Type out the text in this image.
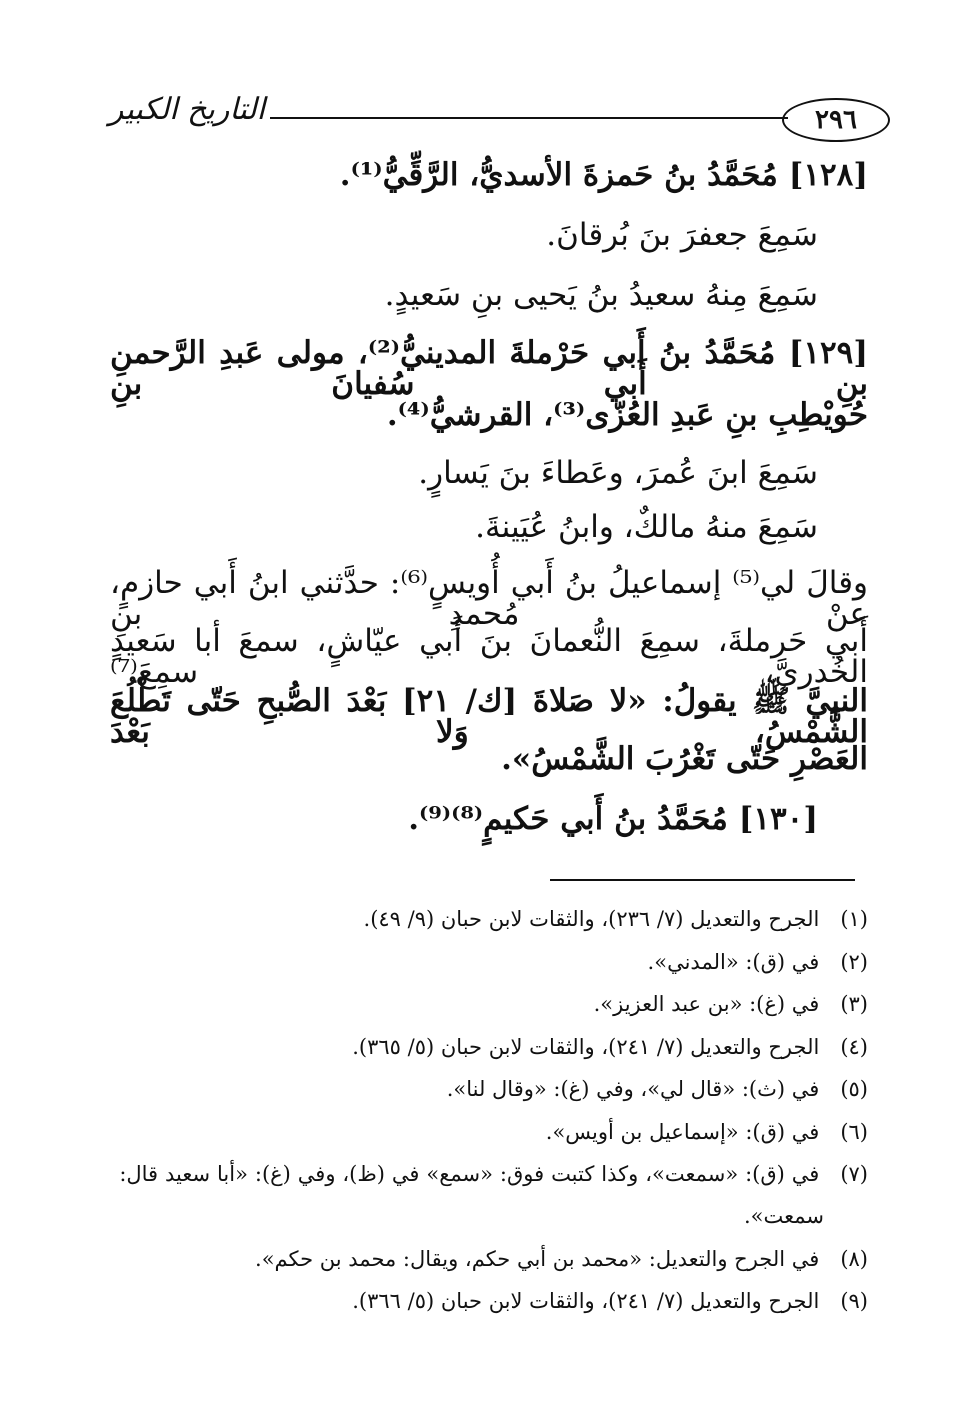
٢٩٦
التاريخ الكبير
[١٢٨] مُحَمَّدُ بنُ حَمزةَ الأسديُّ، الرَّقِّيُّ⁽¹⁾.
سَمِعَ جعفرَ بنَ بُرقانَ.
سَمِعَ مِنهُ سعيدُ بنُ يَحيى بنِ سَعيدٍ.
[١٢٩] مُحَمَّدُ بنُ أَبي حَرْملةَ المدينيُّ⁽²⁾، مولى عَبدِ الرَّحمنِ بنِ أَبي سُفيانَ بنِ
حُويْطِبِ بنِ عَبدِ العُزّى⁽³⁾، القرشيُّ⁽⁴⁾.
سَمِعَ ابنَ عُمرَ، وعَطاءَ بنَ يَسارٍ.
سَمِعَ منهُ مالكٌ، وابنُ عُيَينةَ.
وقالَ لي⁽⁵⁾ إسماعيلُ بنُ أَبي أُويسٍ⁽⁶⁾: حدَّثني ابنُ أَبي حازمٍ، عنْ مُحمدِ بنِ
أَبي حَرملةَ، سمِعَ النُّعمانَ بنَ أَبي عيّاشٍ، سمعَ أبا سَعيدٍ الخُدريَّ، سمِعَ⁽⁷⁾
النبيَّ ﷺ يقولُ: «لا صَلاةَ [ك/ ٢١] بَعْدَ الصُّبحِ حَتّى تَطْلُعَ الشَّمْسُ، وَلا بَعْدَ
العَصْرِ حَتّى تَغْرُبَ الشَّمْسُ».
[١٣٠] مُحَمَّدُ بنُ أَبي حَكيمٍ⁽⁸⁾⁽⁹⁾.
(١) الجرح والتعديل (٧/ ٢٣٦)، والثقات لابن حبان (٩/ ٤٩).
(٢) في (ق): «المدني».
(٣) في (غ): «بن عبد العزيز».
(٤) الجرح والتعديل (٧/ ٢٤١)، والثقات لابن حبان (٥/ ٣٦٥).
(٥) في (ث): «قال لي»، وفي (غ): «وقال لنا».
(٦) في (ق): «إسماعيل بن أويس».
(٧) في (ق): «سمعت»، وكذا كتبت فوق: «سمع» في (ظ)، وفي (غ): «أبا سعيد قال:
سمعت».
(٨) في الجرح والتعديل: «محمد بن أبي حكم، ويقال: محمد بن حكم».
(٩) الجرح والتعديل (٧/ ٢٤١)، والثقات لابن حبان (٥/ ٣٦٦).
